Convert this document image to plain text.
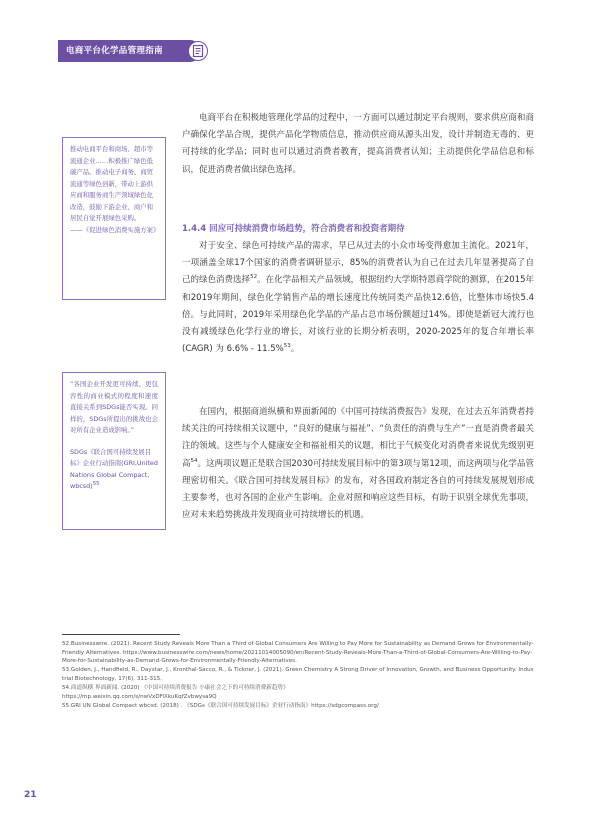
电商平台化学品管理指南

推动电商平台和商场、超市等流通企业……积极推广绿色低碳产品。推动电子商务、商贸流通等绿色创新，带动上游供应商和服务商生产领域绿色化改造，鼓励下游企业、商户和居民自觉开展绿色采购。

——《促进绿色消费实施方案》

“各国企业开发更可持续、更包容性的商业模式的程度和速度直接关系到SDGs能否实现。同样的，SDGs所提出的挑战也会对所有企业造成影响。”

SDGs《联合国可持续发展目标》企业行动指南(GRI,United Nations Global Compact, wbcsd)$^{55}$

电商平台在积极地管理化学品的过程中，一方面可以通过制定平台规则，要求供应商和商户确保化学品合规，提供产品化学物质信息，推动供应商从源头出发，设计并制造无毒的、更可持续的化学品；同时也可以通过消费者教育，提高消费者认知；主动提供化学品信息和标识，促进消费者做出绿色选择。

1.4.4 回应可持续消费市场趋势，符合消费者和投资者期待

对于安全、绿色可持续产品的需求，早已从过去的小众市场变得愈加主流化。2021年，一项涵盖全球17个国家的消费者调研显示，85%的消费者认为自己在过去几年显著提高了自己的绿色消费选择$^{52}$。在化学品相关产品领域，根据纽约大学斯特恩商学院的测算，在2015年和2019年期间，绿色化学销售产品的增长速度比传统同类产品快12.6倍，比整体市场快5.4倍。与此同时，2019年采用绿色化学品的产品占总市场份额超过14%。即使是新冠大流行也没有减缓绿色化学行业的增长，对该行业的长期分析表明，2020-2025年的复合年增长率 (CAGR) 为 6.6% - 11.5%$^{53}$。

在国内，根据商道纵横和界面新闻的《中国可持续消费报告》发现，在过去五年消费者持续关注的可持续相关议题中，“良好的健康与福祉”、“负责任的消费与生产”一直是消费者最关注的领域。这些与个人健康安全和福祉相关的议题，相比于气候变化对消费者来说优先级别更高$^{54}$。这两项议题正是联合国2030可持续发展目标中的第3项与第12项，而这两项与化学品管理密切相关。《联合国可持续发展目标》的发布，对各国政府制定各自的可持续发展规划形成主要参考，也对各国的企业产生影响。企业对照和响应这些目标，有助于识别全球优先事项，应对未来趋势挑战并发现商业可持续增长的机遇。

52.Businesswire. (2021). Recent Study Reveals More Than a Third of Global Consumers Are Willing to Pay More for Sustainability as Demand Grows for Environmentally-Friendly Alternatives. https://www.businesswire.com/news/home/20211014005090/en/Recent-Study-Reveals-More-Than-a-Third-of-Global-Consumers-Are-Willing-to-Pay-More-for-Sustainability-as-Demand-Grows-for-Environmentally-Friendly-Alternatives.

53.Golden, J., Handfield, R., Daystar, J., Kronthal-Sacco, R., & Tickner, J. (2021). Green Chemistry A Strong Driver of Innovation, Growth, and Business Opportunity. Industrial Biotechnology, 17(6), 311-315.

54.商道纵横 界面新闻. (2020) 《中国可持续消费报告 小康社会之下的可持续消费新趋势》

https://mp.weixin.qq.com/s/nwVxDFiXkuKqfZvbwysa9Q

55.GRI UN Global Compact wbcsd. (2018) . 《SDGs《联合国可持续发展目标》企业行动指南》https://sdgcompass.org/

21
